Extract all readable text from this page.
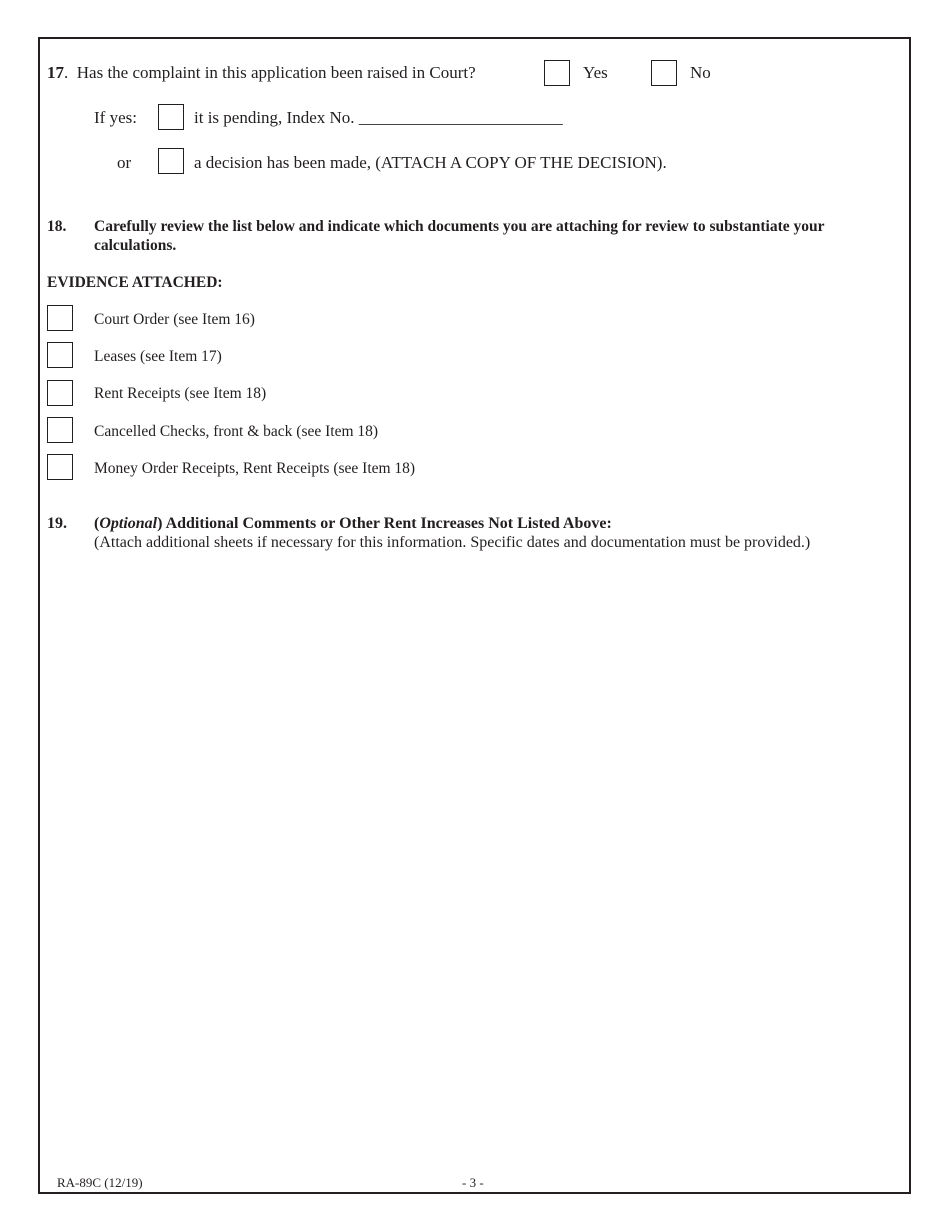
17.  Has the complaint in this application been raised in Court?	Yes	No
If yes:	it is pending, Index No. ________________________
or	a decision has been made, (ATTACH A COPY OF THE DECISION).
18. Carefully review the list below and indicate which documents you are attaching for review to substantiate your
calculations.
EVIDENCE ATTACHED:
Court Order (see Item 16)
Leases (see Item 17)
Rent Receipts (see Item 18)
Cancelled Checks, front & back (see Item 18)
Money Order Receipts, Rent Receipts (see Item 18)
19. (Optional) Additional Comments or Other Rent Increases Not Listed Above:
(Attach additional sheets if necessary for this information. Specific dates and documentation must be provided.)
RA-89C (12/19)	- 3 -
